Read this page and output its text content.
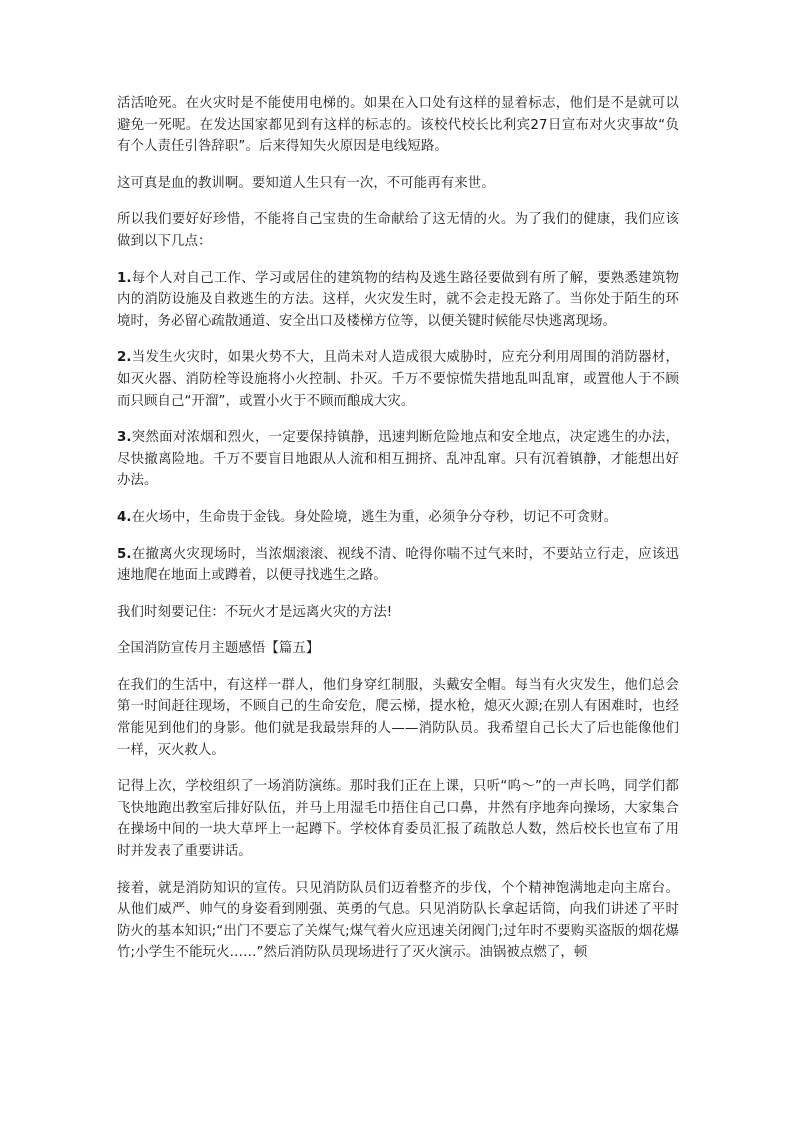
活活呛死。在火灾时是不能使用电梯的。如果在入口处有这样的显着标志，他们是不是就可以避免一死呢。在发达国家都见到有这样的标志的。该校代校长比利宾27日宣布对火灾事故“负有个人责任引咎辞职”。后来得知失火原因是电线短路。

这可真是血的教训啊。要知道人生只有一次，不可能再有来世。

所以我们要好好珍惜，不能将自己宝贵的生命献给了这无情的火。为了我们的健康，我们应该做到以下几点：

1.每个人对自己工作、学习或居住的建筑物的结构及逃生路径要做到有所了解，要熟悉建筑物内的消防设施及自救逃生的方法。这样，火灾发生时，就不会走投无路了。当你处于陌生的环境时，务必留心疏散通道、安全出口及楼梯方位等，以便关键时候能尽快逃离现场。

2.当发生火灾时，如果火势不大，且尚未对人造成很大威胁时，应充分利用周围的消防器材，如灭火器、消防栓等设施将小火控制、扑灭。千万不要惊慌失措地乱叫乱窜，或置他人于不顾而只顾自己“开溜”，或置小火于不顾而酿成大灾。

3.突然面对浓烟和烈火，一定要保持镇静，迅速判断危险地点和安全地点，决定逃生的办法，尽快撤离险地。千万不要盲目地跟从人流和相互拥挤、乱冲乱窜。只有沉着镇静，才能想出好办法。

4.在火场中，生命贵于金钱。身处险境，逃生为重，必须争分夺秒，切记不可贪财。

5.在撤离火灾现场时，当浓烟滚滚、视线不清、呛得你喘不过气来时，不要站立行走，应该迅速地爬在地面上或蹲着，以便寻找逃生之路。

我们时刻要记住：不玩火才是远离火灾的方法!

全国消防宣传月主题感悟【篇五】

在我们的生活中，有这样一群人，他们身穿红制服，头戴安全帽。每当有火灾发生，他们总会第一时间赶往现场，不顾自己的生命安危，爬云梯，提水枪，熄灭火源;在别人有困难时，也经常能见到他们的身影。他们就是我最崇拜的人——消防队员。我希望自己长大了后也能像他们一样，灭火救人。

记得上次，学校组织了一场消防演练。那时我们正在上课，只听“呜～”的一声长鸣，同学们都飞快地跑出教室后排好队伍，并马上用湿毛巾捂住自己口鼻，井然有序地奔向操场，大家集合在操场中间的一块大草坪上一起蹲下。学校体育委员汇报了疏散总人数，然后校长也宣布了用时并发表了重要讲话。

接着，就是消防知识的宣传。只见消防队员们迈着整齐的步伐，个个精神饱满地走向主席台。从他们威严、帅气的身姿看到刚强、英勇的气息。只见消防队长拿起话筒，向我们讲述了平时防火的基本知识;“出门不要忘了关煤气;煤气着火应迅速关闭阀门;过年时不要购买盗版的烟花爆竹;小学生不能玩火……”然后消防队员现场进行了灭火演示。油锅被点燃了，顿
